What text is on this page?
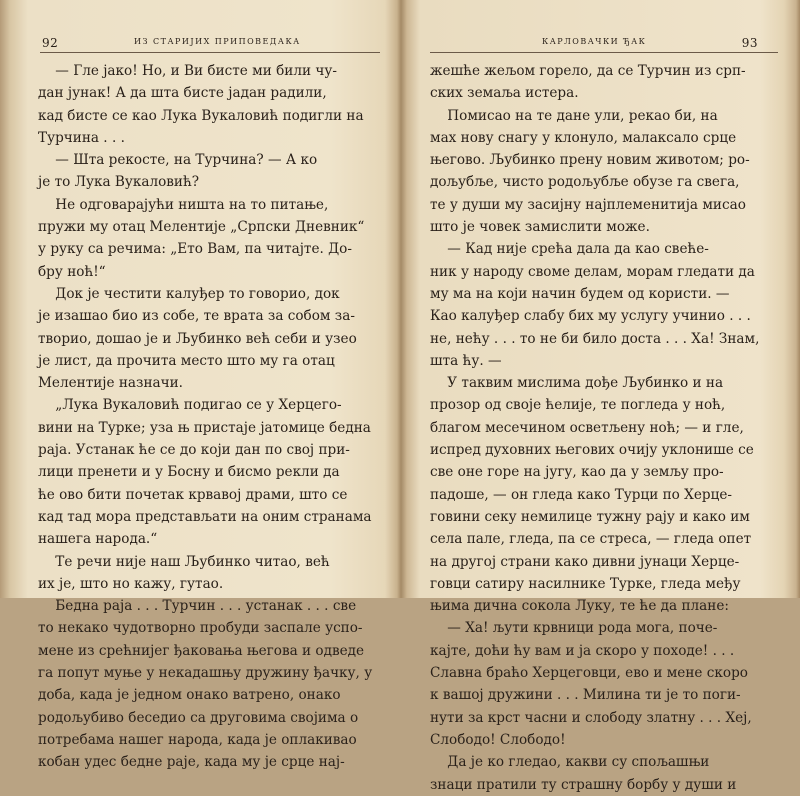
92	ИЗ СТАРИЈИХ ПРИПОВЕДАКА
— Гле јако! Но, и Ви бисте ми били чу-
дан јунак! А да шта бисте јадан радили,
кад бисте се као Лука Вукаловић подигли на
Турчина . . .
— Шта рекосте, на Турчина? — А ко
је то Лука Вукаловић?
Не одговарајући ништа на то питање,
пружи му отац Мелентије „Српски Дневник“
у руку са речима: „Ето Вам, па читајте. До-
бру ноћ!“
Док је честити калуђер то говорио, док
је изашао био из собе, те врата за собом за-
творио, дошао је и Љубинко већ себи и узео
је лист, да прочита место што му га отац
Мелентије назначи.
„Лука Вукаловић подигао се у Херцего-
вини на Турке; уза њ пристаје јатомице бедна
раја. Устанак ће се до који дан по свој при-
лици пренети и у Босну и бисмо рекли да
ће ово бити почетак крвавој драми, што се
кад тад мора представљати на оним странама
нашега народа.“
Те речи није наш Љубинко читао, већ
их је, што но кажу, гутао.
Бедна раја . . . Турчин . . . устанак . . . све
то некако чудотворно пробуди заспале успо-
мене из срећнијег ђаковања његова и одведе
га попут муње у некадашњу дружину ђачку, у
доба, када је једном онако ватрено, онако
родољубиво беседио са друговима својима о
потребама нашег народа, када је оплакивао
кобан удес бедне раје, када му је срце нај-
КАРЛОВАЧКИ ЂАК	93
жешће жељом горело, да се Турчин из срп-
ских земаља истера.
Помисао на те дане ули, рекао би, на
мах нову снагу у клонуло, малаксало срце
његово. Љубинко прену новим животом; ро-
дољубље, чисто родољубље обузе га свега,
те у души му засијну најплеменитија мисао
што је човек замислити може.
— Кад није срећа дала да као свеће-
ник у народу своме делам, морам гледати да
му ма на који начин будем од користи. —
Као калуђер слабу бих му услугу учинио . . .
не, нећу . . . то не би било доста . . . Ха! Знам,
шта ћу. —
У таквим мислима дође Љубинко и на
прозор од своје ћелије, те погледа у ноћ,
благом месечином осветљену ноћ; — и гле,
испред духовних његових очију уклонише се
све оне горе на југу, као да у земљу про-
падоше, — он гледа како Турци по Херце-
говини секу немилице тужну рају и како им
села пале, гледа, па се стреса, — гледа опет
на другој страни како дивни јунаци Херце-
говци сатиру насилнике Турке, гледа међу
њима дична сокола Луку, те ће да плане:
— Ха! љути крвници рода мога, поче-
кајте, доћи ћу вам и ја скоро у походе! . . .
Славна браћо Херцеговци, ево и мене скоро
к вашој дружини . . . Милина ти је то поги-
нути за крст часни и слободу златну . . . Хеј,
Слободо! Слободо!
Да је ко гледао, какви су спољашњи
знаци пратили ту страшну борбу у души и
